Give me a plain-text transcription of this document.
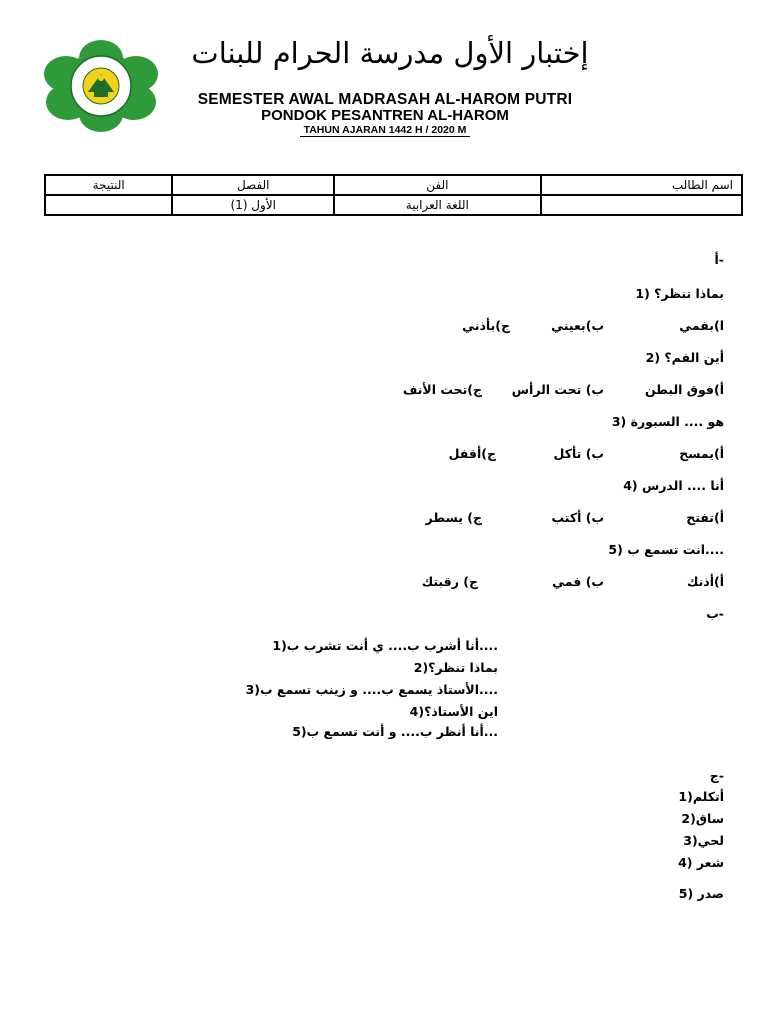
إختبار الأول مدرسة الحرام للبنات
SEMESTER AWAL MADRASAH AL-HAROM PUTRI
PONDOK PESANTREN AL-HAROM
TAHUN AJARAN 1442 H / 2020 M
اسم الطالب	الفن	الفصل	النتيجة
	اللغة العرابية	الأول (1)	
-أ
بماذا تنظر؟ (1
ا)بفمي
ب)بعيني
ج)بأذني
أين الفم؟ (2
أ)فوق البطن
ب) تحت الرأس
ج)تحت الأنف
هو .... السبورة (3
أ)يمسح
ب) تأكل
ج)أقفل
أنا .... الدرس (4
أ)تفتح
ب) أكتب
ج) يسطر
....انت تسمع ب (5
أ)أذنك
ب) فمي
ج) رقبتك
-ب
....أنا أشرب ب.... ي أنت تشرب ب(1
بماذا تنظر؟(2
....الأستاذ يسمع ب.... و زينب تسمع ب(3
اين الأستاذ؟(4
...أنا أنظر ب.... و أنت تسمع ب(5
-ج
أتكلم(1
ساق(2
لحي(3
شعر (4
صدر (5
